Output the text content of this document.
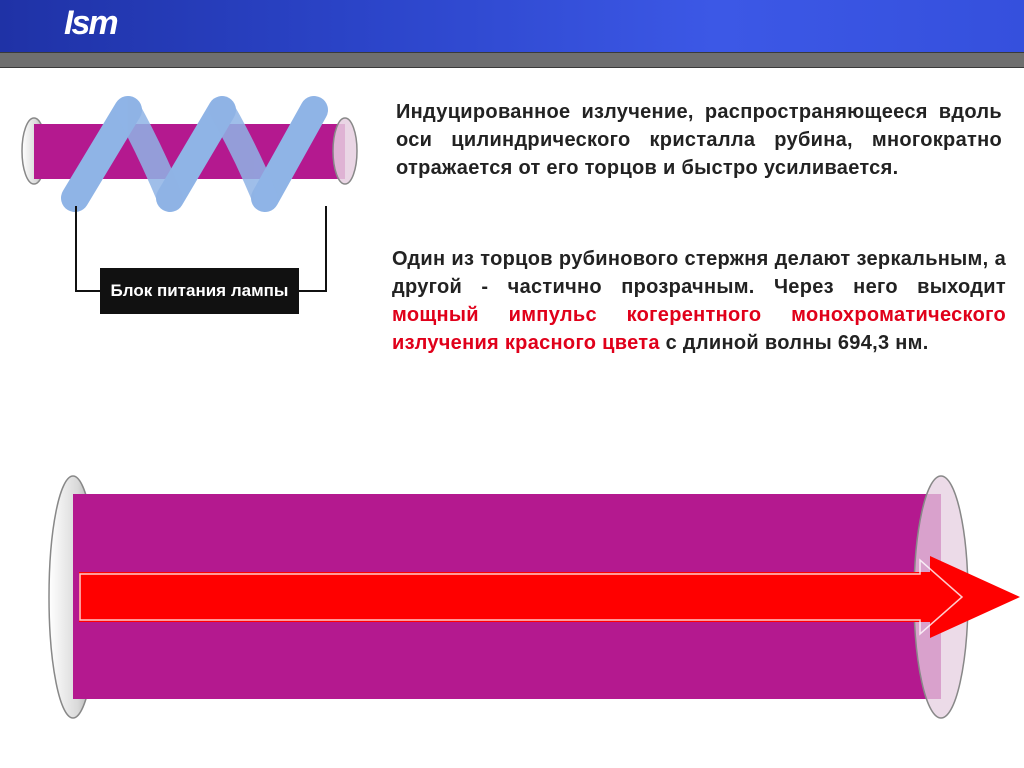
Ism
Блок питания лампы
Индуцированное излучение, распространяющееся вдоль оси цилиндрического кристалла рубина, многократно отражается от его торцов и быстро усиливается.
Один из торцов рубинового стержня делают зеркальным, а другой - частично прозрачным. Через него выходит мощный импульс когерентного монохроматического излучения красного цвета с длиной волны 694,3 нм.
